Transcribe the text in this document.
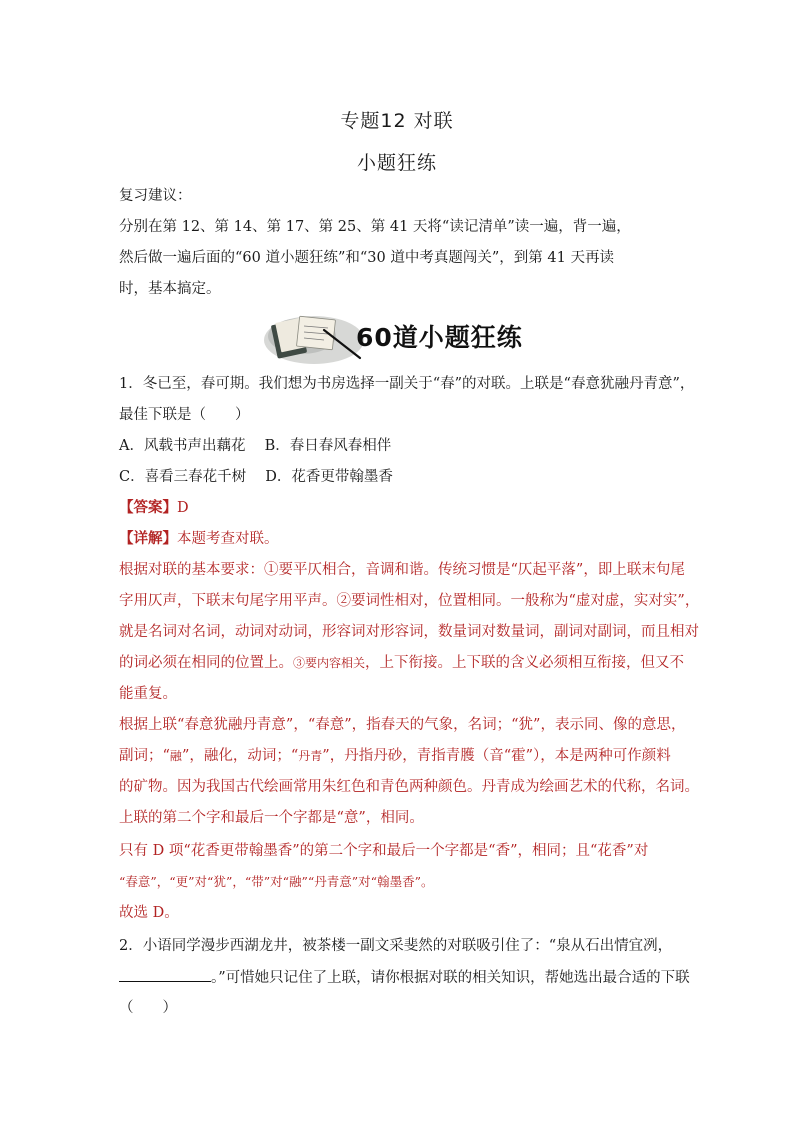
专题12 对联
小题狂练
复习建议：
分别在第 12、第 14、第 17、第 25、第 41 天将“读记清单”读一遍，背一遍，
然后做一遍后面的“60 道小题狂练”和“30 道中考真题闯关”，到第 41 天再读
时，基本搞定。
60道小题狂练
1．冬已至，春可期。我们想为书房选择一副关于“春”的对联。上联是“春意犹融丹青意”，
最佳下联是（　　）
A．风载书声出藕花　 B．春日春风春相伴
C．喜看三春花千树　 D．花香更带翰墨香
【答案】D
【详解】本题考查对联。
根据对联的基本要求：①要平仄相合，音调和谐。传统习惯是“仄起平落”，即上联末句尾
字用仄声，下联末句尾字用平声。②要词性相对，位置相同。一般称为“虚对虚，实对实”，
就是名词对名词，动词对动词，形容词对形容词，数量词对数量词，副词对副词，而且相对
的词必须在相同的位置上。③要内容相关，上下衔接。上下联的含义必须相互衔接，但又不
能重复。
根据上联“春意犹融丹青意”，“春意”，指春天的气象，名词；“犹”，表示同、像的意思，
副词；“融”，融化，动词；“丹青”，丹指丹砂，青指青臒（音“霍”），本是两种可作颜料
的矿物。因为我国古代绘画常用朱红色和青色两种颜色。丹青成为绘画艺术的代称，名词。
上联的第二个字和最后一个字都是“意”，相同。
只有 D 项“花香更带翰墨香”的第二个字和最后一个字都是“香”，相同；且“花香”对
“春意”，“更”对“犹”，“带”对“融”“丹青意”对“翰墨香”。
故选 D。
2．小语同学漫步西湖龙井，被茶楼一副文采斐然的对联吸引住了：“泉从石出情宜冽，
。”可惜她只记住了上联，请你根据对联的相关知识，帮她选出最合适的下联
（　　）
